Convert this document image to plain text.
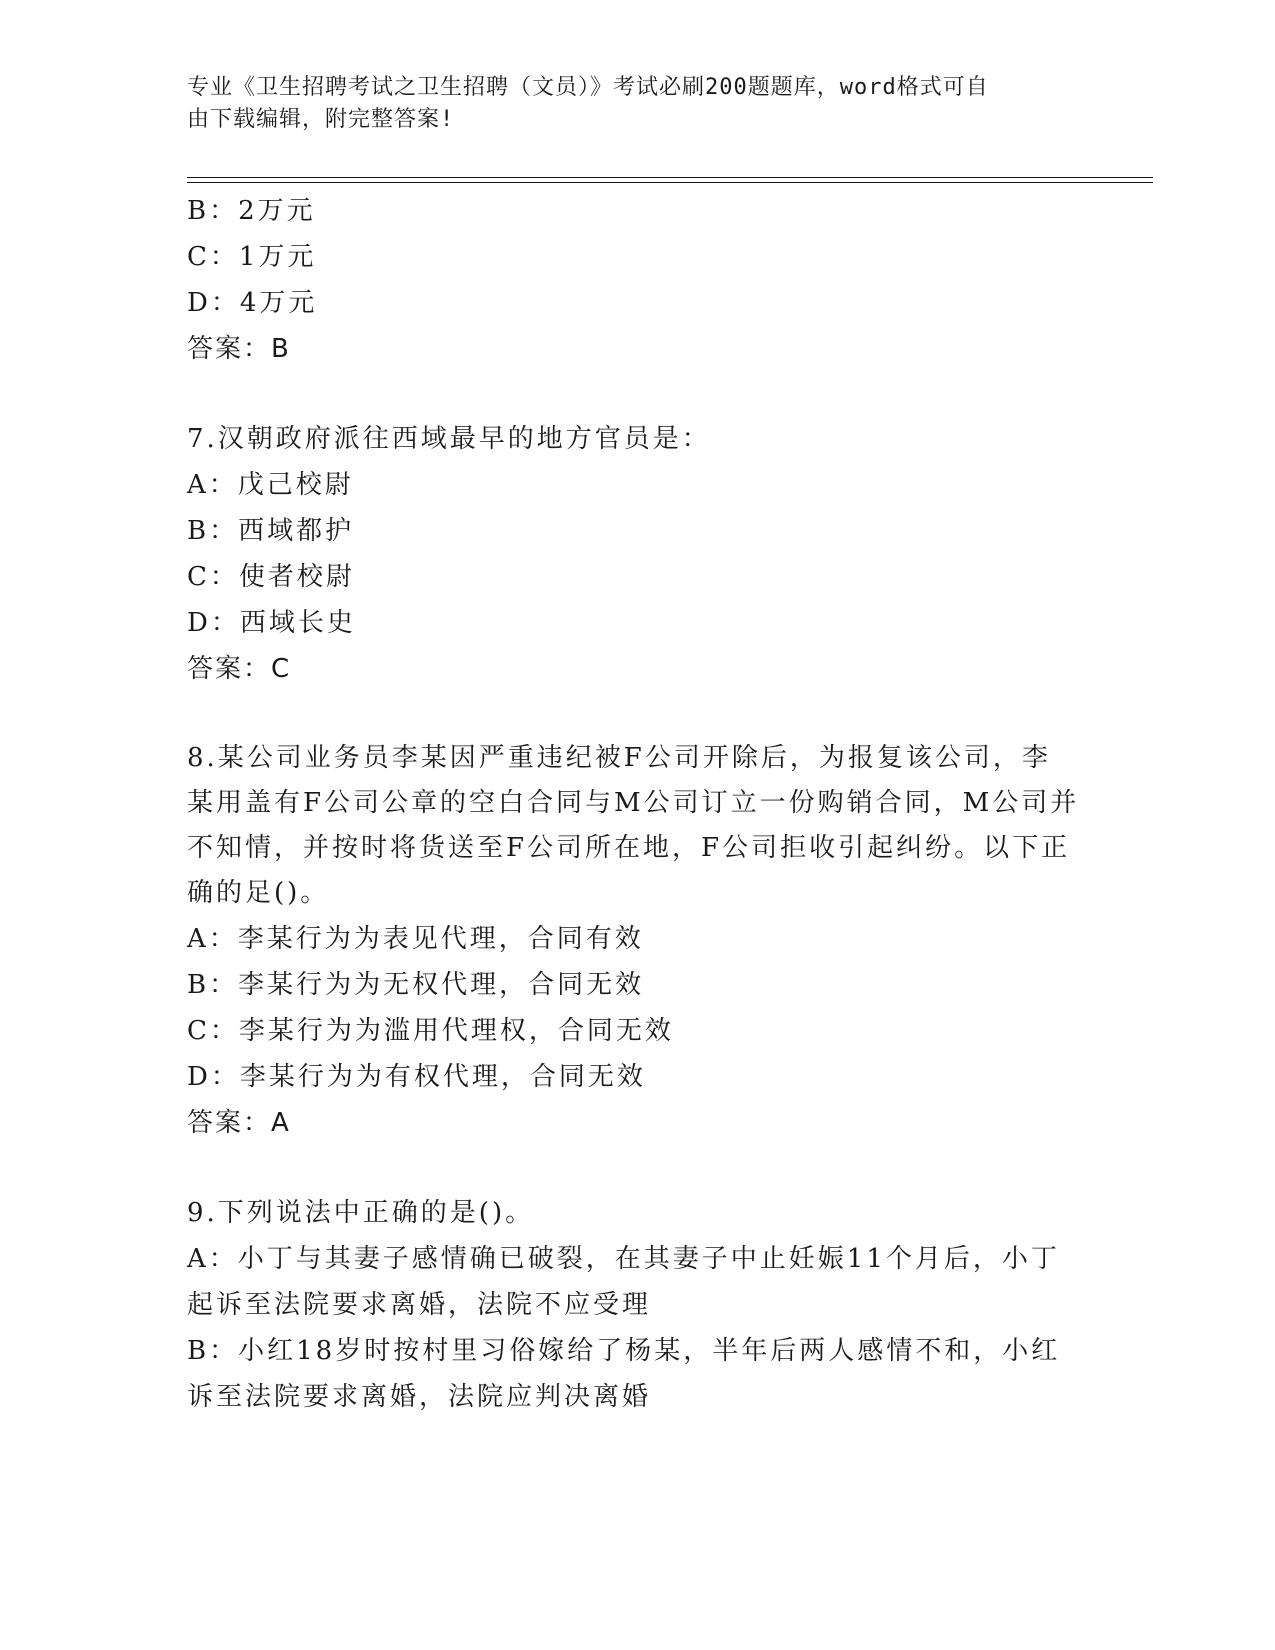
专业《卫生招聘考试之卫生招聘（文员）》考试必刷200题题库，word格式可自
由下载编辑，附完整答案!

B：2万元

C：1万元

D：4万元

答案：B

7.汉朝政府派往西域最早的地方官员是：

A：戊己校尉

B：西域都护

C：使者校尉

D：西域长史

答案：C

8.某公司业务员李某因严重违纪被F公司开除后，为报复该公司，李

某用盖有F公司公章的空白合同与M公司订立一份购销合同，M公司并

不知情，并按时将货送至F公司所在地，F公司拒收引起纠纷。以下正

确的足()。

A：李某行为为表见代理，合同有效

B：李某行为为无权代理，合同无效

C：李某行为为滥用代理权，合同无效

D：李某行为为有权代理，合同无效

答案：A

9.下列说法中正确的是()。

A：小丁与其妻子感情确已破裂，在其妻子中止妊娠11个月后，小丁

起诉至法院要求离婚，法院不应受理

B：小红18岁时按村里习俗嫁给了杨某，半年后两人感情不和，小红

诉至法院要求离婚，法院应判决离婚
